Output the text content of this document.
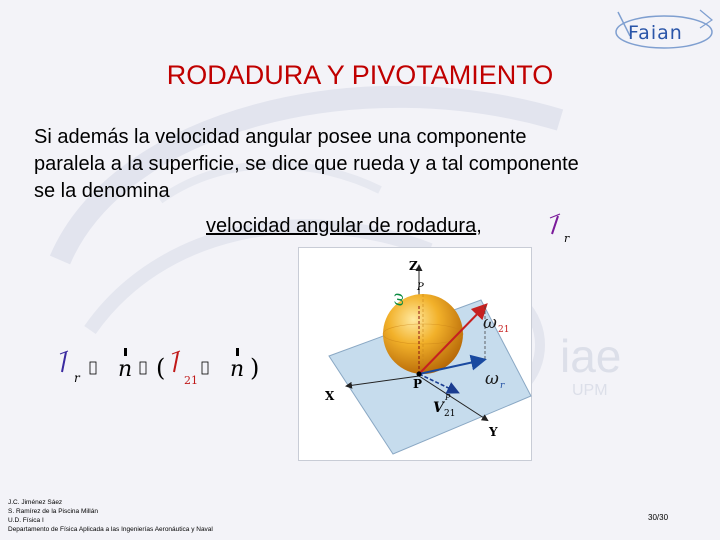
iae
UPM
Faian
RODADURA Y PIVOTAMIENTO
Si además la velocidad angular posee una componente
paralela a la superficie, se dice que rueda y a tal componente
se la denomina
velocidad angular de rodadura,
r
r n ( 21 n )
Z
X
Y
P
P
ω
ω 21
ω r
V 21
P
J.C. Jiménez Sáez
S. Ramírez de la Piscina Millán
U.D. Física I
Departamento de Física Aplicada a las Ingenierías Aeronáutica y Naval
30/30
